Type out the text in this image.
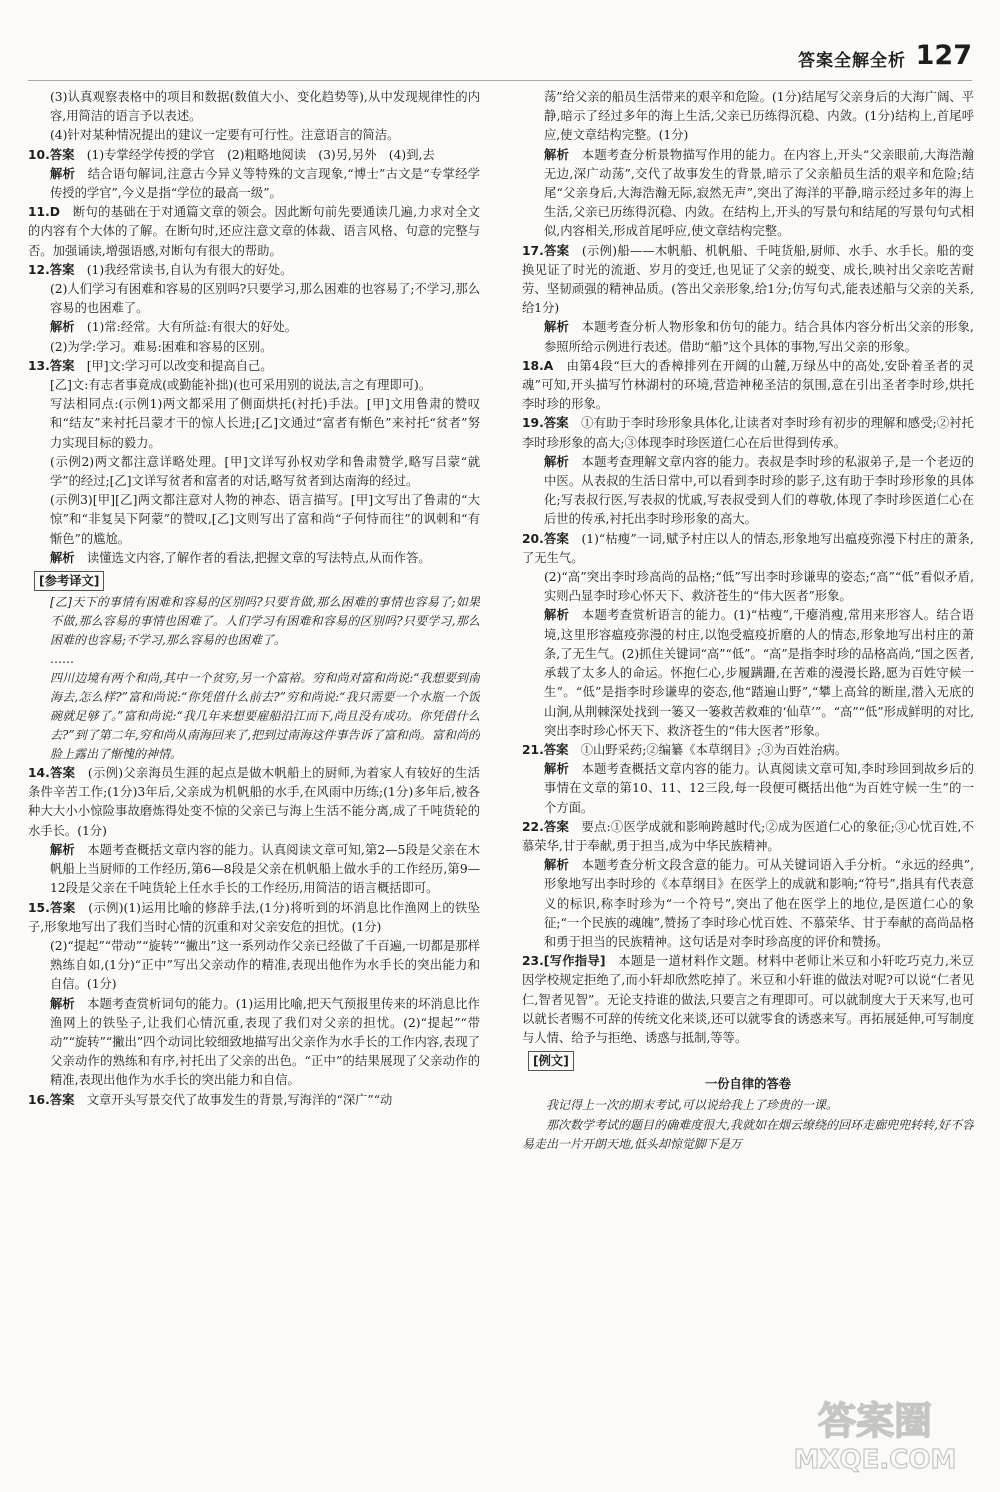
答案全解全析 127

(3)认真观察表格中的项目和数据(数值大小、变化趋势等),从中发现规律性的内容,用简洁的语言予以表述。

(4)针对某种情况提出的建议一定要有可行性。注意语言的简洁。

10.答案　 (1)专掌经学传授的学官　(2)粗略地阅读　(3)另,另外　(4)到,去

解析　 结合语句解词,注意古今异义等特殊的文言现象,“博士”古文是“专掌经学传授的学官”,今义是指“学位的最高一级”。

11.D　 断句的基础在于对通篇文章的领会。因此断句前先要通读几遍,力求对全文的内容有个大体的了解。在断句时,还应注意文章的体裁、语言风格、句意的完整与否。加强诵读,增强语感,对断句有很大的帮助。

12.答案　 (1)我经常读书,自认为有很大的好处。

(2)人们学习有困难和容易的区别吗?只要学习,那么困难的也容易了;不学习,那么容易的也困难了。

解析　 (1)常:经常。大有所益:有很大的好处。

(2)为学:学习。难易:困难和容易的区别。

13.答案　 [甲]文:学习可以改变和提高自己。

[乙]文:有志者事竟成(或勤能补拙)(也可采用别的说法,言之有理即可)。

写法相同点:(示例1)两文都采用了侧面烘托(衬托)手法。[甲]文用鲁肃的赞叹和“结友”来衬托吕蒙才干的惊人长进;[乙]文通过“富者有惭色”来衬托“贫者”努力实现目标的毅力。

(示例2)两文都注意详略处理。[甲]文详写孙权劝学和鲁肃赞学,略写吕蒙“就学”的经过;[乙]文详写贫者和富者的对话,略写贫者到达南海的经过。

(示例3)[甲][乙]两文都注意对人物的神态、语言描写。[甲]文写出了鲁肃的“大惊”和“非复吴下阿蒙”的赞叹,[乙]文则写出了富和尚“子何恃而往”的讽刺和“有惭色”的尴尬。

解析　 读懂选文内容,了解作者的看法,把握文章的写法特点,从而作答。

[参考译文]

[乙]天下的事情有困难和容易的区别吗?只要肯做,那么困难的事情也容易了;如果不做,那么容易的事情也困难了。人们学习有困难和容易的区别吗?只要学习,那么困难的也容易;不学习,那么容易的也困难了。

……

四川边境有两个和尚,其中一个贫穷,另一个富裕。穷和尚对富和尚说:“我想要到南海去,怎么样?”富和尚说:“你凭借什么前去?”穷和尚说:“我只需要一个水瓶一个饭碗就足够了。”富和尚说:“我几年来想要雇船沿江而下,尚且没有成功。你凭借什么去?”到了第二年,穷和尚从南海回来了,把到过南海这件事告诉了富和尚。富和尚的脸上露出了惭愧的神情。

14.答案　 (示例)父亲海员生涯的起点是做木帆船上的厨师,为着家人有较好的生活条件辛苦工作;(1分)3年后,父亲成为机帆船的水手,在风雨中历练;(1分)多年后,被各种大大小小惊险事故磨炼得处变不惊的父亲已与海上生活不能分离,成了千吨货轮的水手长。(1分)

解析　 本题考查概括文章内容的能力。认真阅读文章可知,第2—5段是父亲在木帆船上当厨师的工作经历,第6—8段是父亲在机帆船上做水手的工作经历,第9—12段是父亲在千吨货轮上任水手长的工作经历,用简洁的语言概括即可。

15.答案　 (示例)(1)运用比喻的修辞手法,(1分)将听到的坏消息比作渔网上的铁坠子,形象地写出了我们当时心情的沉重和对父亲安危的担忧。(1分)

(2)“提起”“带动”“旋转”“撇出”这一系列动作父亲已经做了千百遍,一切都是那样熟练自如,(1分)“正中”写出父亲动作的精准,表现出他作为水手长的突出能力和自信。(1分)

解析　 本题考查赏析词句的能力。(1)运用比喻,把天气预报里传来的坏消息比作渔网上的铁坠子,让我们心情沉重,表现了我们对父亲的担忧。(2)“提起”“带动”“旋转”“撇出”四个动词比较细致地描写出父亲作为水手长的工作内容,表现了父亲动作的熟练和有序,衬托出了父亲的出色。“正中”的结果展现了父亲动作的精准,表现出他作为水手长的突出能力和自信。

16.答案　 文章开头写景交代了故事发生的背景,写海洋的“深广”“动

荡”给父亲的船员生活带来的艰辛和危险。(1分)结尾写父亲身后的大海广阔、平静,暗示了经过多年的海上生活,父亲已历练得沉稳、内敛。(1分)结构上,首尾呼应,使文章结构完整。(1分)

解析　 本题考查分析景物描写作用的能力。在内容上,开头“父亲眼前,大海浩瀚无边,深广动荡”,交代了故事发生的背景,暗示了父亲船员生活的艰辛和危险;结尾“父亲身后,大海浩瀚无际,寂然无声”,突出了海洋的平静,暗示经过多年的海上生活,父亲已历练得沉稳、内敛。在结构上,开头的写景句和结尾的写景句句式相似,内容相关,形成首尾呼应,使文章结构完整。

17.答案　 (示例)船——木帆船、机帆船、千吨货船,厨师、水手、水手长。船的变换见证了时光的流逝、岁月的变迁,也见证了父亲的蜕变、成长,映衬出父亲吃苦耐劳、坚韧顽强的精神品质。(答出父亲形象,给1分;仿写句式,能表述船与父亲的关系,给1分)

解析　 本题考查分析人物形象和仿句的能力。结合具体内容分析出父亲的形象,参照所给示例进行表述。借助“船”这个具体的事物,写出父亲的形象。

18.A　 由第4段“巨大的香樟排列在开阔的山麓,万绿丛中的高处,安卧着圣者的灵魂”可知,开头描写竹林湖村的环境,营造神秘圣洁的氛围,意在引出圣者李时珍,烘托李时珍的形象。

19.答案　 ①有助于李时珍形象具体化,让读者对李时珍有初步的理解和感受;②衬托李时珍形象的高大;③体现李时珍医道仁心在后世得到传承。

解析　 本题考查理解文章内容的能力。表叔是李时珍的私淑弟子,是一个老迈的中医。从表叔的生活日常中,可以看到李时珍的影子,这有助于李时珍形象的具体化;写表叔行医,写表叔的忧戚,写表叔受到人们的尊敬,体现了李时珍医道仁心在后世的传承,衬托出李时珍形象的高大。

20.答案　 (1)“枯瘦”一词,赋予村庄以人的情态,形象地写出瘟疫弥漫下村庄的萧条,了无生气。

(2)“高”突出李时珍高尚的品格;“低”写出李时珍谦卑的姿态;“高”“低”看似矛盾,实则凸显李时珍心怀天下、救济苍生的“伟大医者”形象。

解析　 本题考查赏析语言的能力。(1)“枯瘦”,干瘪消瘦,常用来形容人。结合语境,这里形容瘟疫弥漫的村庄,以饱受瘟疫折磨的人的情态,形象地写出村庄的萧条,了无生气。(2)抓住关键词“高”“低”。“高”是指李时珍的品格高尚,“国之医者,承载了太多人的命运。怀抱仁心,步履蹒跚,在苦难的漫漫长路,愿为百姓守候一生”。“低”是指李时珍谦卑的姿态,他“踏遍山野”,“攀上高耸的断崖,潜入无底的山涧,从荆棘深处找到一篓又一篓救苦救难的‘仙草’”。“高”“低”形成鲜明的对比,突出李时珍心怀天下、救济苍生的“伟大医者”形象。

21.答案　 ①山野采药;②编纂《本草纲目》;③为百姓治病。

解析　 本题考查概括文章内容的能力。认真阅读文章可知,李时珍回到故乡后的事情在文章的第10、11、12三段,每一段便可概括出他“为百姓守候一生”的一个方面。

22.答案　 要点:①医学成就和影响跨越时代;②成为医道仁心的象征;③心忧百姓,不慕荣华,甘于奉献,勇于担当,成为中华民族精神。

解析　 本题考查分析文段含意的能力。可从关键词语入手分析。“永远的经典”,形象地写出李时珍的《本草纲目》在医学上的成就和影响;“符号”,指具有代表意义的标识,称李时珍为“一个符号”,突出了他在医学上的地位,是医道仁心的象征;“一个民族的魂魄”,赞扬了李时珍心忧百姓、不慕荣华、甘于奉献的高尚品格和勇于担当的民族精神。这句话是对李时珍高度的评价和赞扬。

23.[写作指导]　 本题是一道材料作文题。材料中老师让米豆和小轩吃巧克力,米豆因学校规定拒绝了,而小轩却欣然吃掉了。米豆和小轩谁的做法对呢?可以说“仁者见仁,智者见智”。无论支持谁的做法,只要言之有理即可。可以就制度大于天来写,也可以就长者赐不可辞的传统文化来谈,还可以就零食的诱惑来写。再拓展延伸,可写制度与人情、给予与拒绝、诱惑与抵制,等等。

[例文]

一份自律的答卷

我记得上一次的期末考试,可以说给我上了珍贵的一课。

那次数学考试的题目的确难度很大,我就如在烟云缭绕的回环走廊兜兜转转,好不容易走出一片开朗天地,低头却惊觉脚下是万

答案圈
MXQE.COM
